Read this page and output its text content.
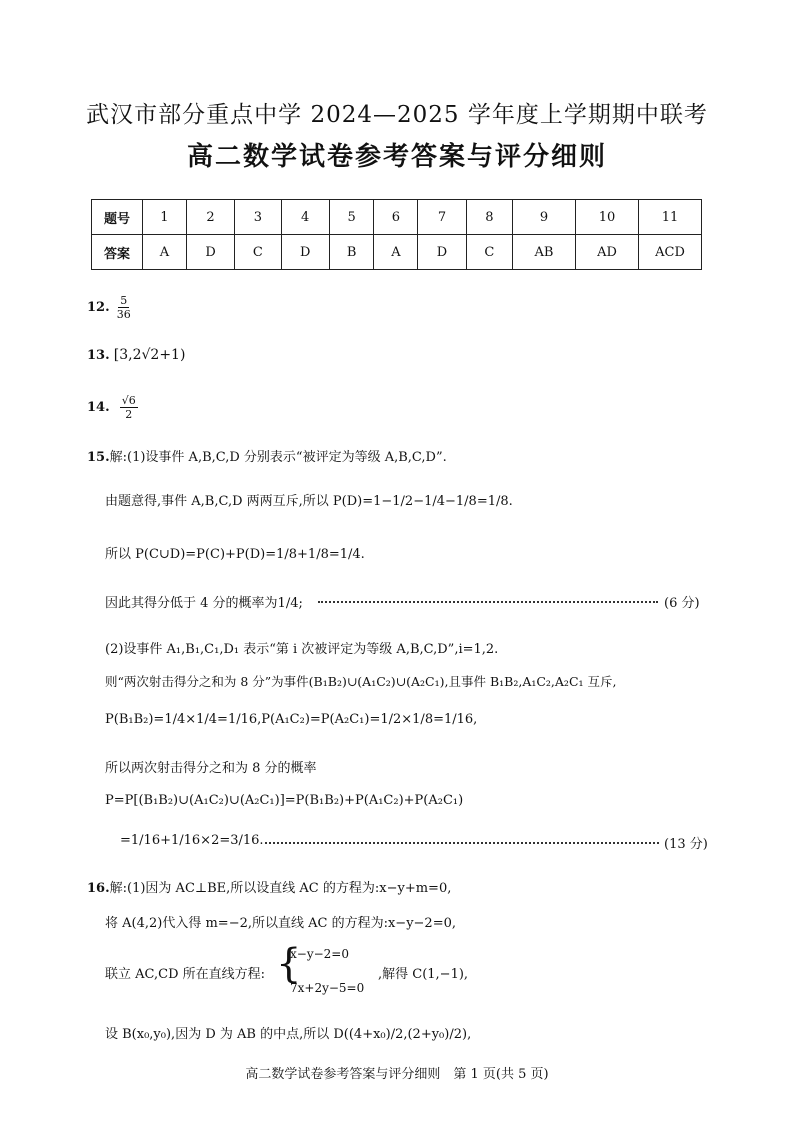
武汉市部分重点中学 2024—2025 学年度上学期期中联考
高二数学试卷参考答案与评分细则
题号	1	2	3	4	5	6	7	8	9	10	11
答案	A	D	C	D	B	A	D	C	AB	AD	ACD
12. $\frac{5}{36}$
13. [3,2√2+1)
14. $\frac{√6}{2}$
15.解:(1)设事件 A,B,C,D 分别表示“被评定为等级 A,B,C,D”.
由题意得,事件 A,B,C,D 两两互斥,所以 P(D)=1−1/2−1/4−1/8=1/8.
所以 P(C∪D)=P(C)+P(D)=1/8+1/8=1/4.
因此其得分低于 4 分的概率为1/4;	(6 分)
(2)设事件 A₁,B₁,C₁,D₁ 表示“第 i 次被评定为等级 A,B,C,D”,i=1,2.
则“两次射击得分之和为 8 分”为事件(B₁B₂)∪(A₁C₂)∪(A₂C₁),且事件 B₁B₂,A₁C₂,A₂C₁ 互斥,
P(B₁B₂)=1/4×1/4=1/16,P(A₁C₂)=P(A₂C₁)=1/2×1/8=1/16,
所以两次射击得分之和为 8 分的概率
P=P[(B₁B₂)∪(A₁C₂)∪(A₂C₁)]=P(B₁B₂)+P(A₁C₂)+P(A₂C₁)
=1/16+1/16×2=3/16.	(13 分)
16.解:(1)因为 AC⊥BE,所以设直线 AC 的方程为:x−y+m=0,
将 A(4,2)代入得 m=−2,所以直线 AC 的方程为:x−y−2=0,
联立 AC,CD 所在直线方程: {
x−y−2=0
7x+2y−5=0
,解得 C(1,−1),
设 B(x₀,y₀),因为 D 为 AB 的中点,所以 D((4+x₀)/2,(2+y₀)/2),
高二数学试卷参考答案与评分细则　第 1 页(共 5 页)
